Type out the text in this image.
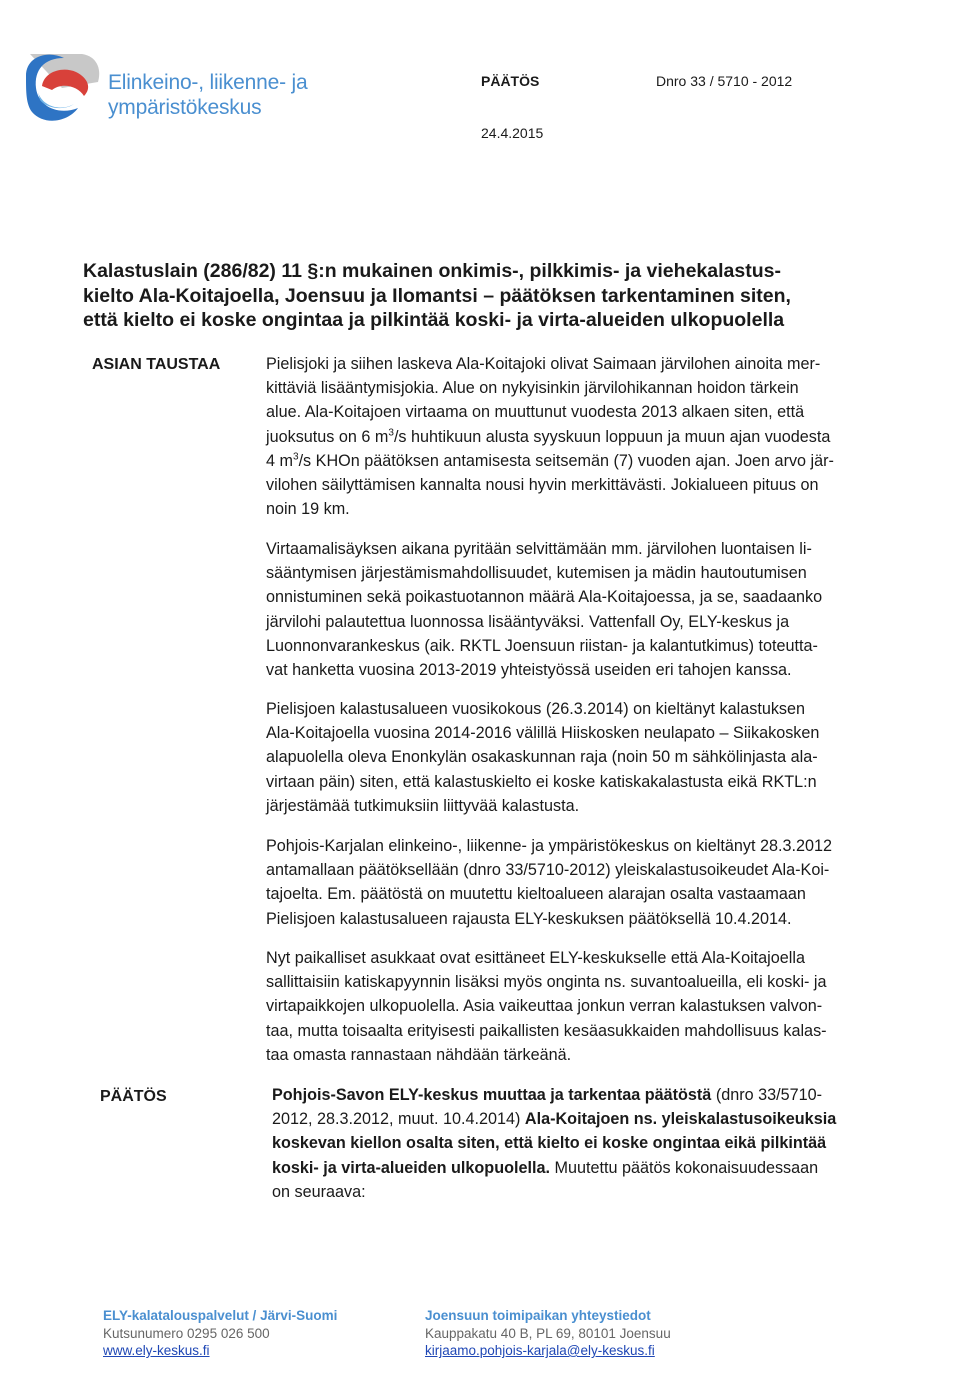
Elinkeino-, liikenne- ja
ympäristökeskus
PÄÄTÖS	Dnro 33 / 5710 - 2012
24.4.2015
Kalastuslain (286/82) 11 §:n mukainen onkimis-, pilkkimis- ja viehekalastus-
kielto Ala-Koitajoella, Joensuu ja Ilomantsi – päätöksen tarkentaminen siten,
että kielto ei koske ongintaa ja pilkintää koski- ja virta-alueiden ulkopuolella
ASIAN TAUSTAA	Pielisjoki ja siihen laskeva Ala-Koitajoki olivat Saimaan järvilohen ainoita mer-
kittäviä lisääntymisjokia. Alue on nykyisinkin järvilohikannan hoidon tärkein
alue. Ala-Koitajoen virtaama on muuttunut vuodesta 2013 alkaen siten, että
juoksutus on 6 $m^3/s$ huhtikuun alusta syyskuun loppuun ja muun ajan vuodesta
4 $m^3/s$ KHOn päätöksen antamisesta seitsemän (7) vuoden ajan. Joen arvo jär-
vilohen säilyttämisen kannalta nousi hyvin merkittävästi. Jokialueen pituus on
noin 19 km.
Virtaamalisäyksen aikana pyritään selvittämään mm. järvilohen luontaisen li-
sääntymisen järjestämismahdollisuudet, kutemisen ja mädin hautoutumisen
onnistuminen sekä poikastuotannon määrä Ala-Koitajoessa, ja se, saadaanko
järvilohi palautettua luonnossa lisääntyväksi. Vattenfall Oy, ELY-keskus ja
Luonnonvarankeskus (aik. RKTL Joensuun riistan- ja kalantutkimus) toteutta-
vat hanketta vuosina 2013-2019 yhteistyössä useiden eri tahojen kanssa.
Pielisjoen kalastusalueen vuosikokous (26.3.2014) on kieltänyt kalastuksen
Ala-Koitajoella vuosina 2014-2016 välillä Hiiskosken neulapato – Siikakosken
alapuolella oleva Enonkylän osakaskunnan raja (noin 50 m sähkölinjasta ala-
virtaan päin) siten, että kalastuskielto ei koske katiskakalastusta eikä RKTL:n
järjestämää tutkimuksiin liittyvää kalastusta.
Pohjois-Karjalan elinkeino-, liikenne- ja ympäristökeskus on kieltänyt 28.3.2012
antamallaan päätöksellään (dnro 33/5710-2012) yleiskalastusoikeudet Ala-Koi-
tajoelta. Em. päätöstä on muutettu kieltoalueen alarajan osalta vastaamaan
Pielisjoen kalastusalueen rajausta ELY-keskuksen päätöksellä 10.4.2014.
Nyt paikalliset asukkaat ovat esittäneet ELY-keskukselle että Ala-Koitajoella
sallittaisiin katiskapyynnin lisäksi myös onginta ns. suvantoalueilla, eli koski- ja
virtapaikkojen ulkopuolella. Asia vaikeuttaa jonkun verran kalastuksen valvon-
taa, mutta toisaalta erityisesti paikallisten kesäasukkaiden mahdollisuus kalas-
taa omasta rannastaan nähdään tärkeänä.
PÄÄTÖS	Pohjois-Savon ELY-keskus muuttaa ja tarkentaa päätöstä (dnro 33/5710-
2012, 28.3.2012, muut. 10.4.2014) Ala-Koitajoen ns. yleiskalastusoikeuksia
koskevan kiellon osalta siten, että kielto ei koske ongintaa eikä pilkintää
koski- ja virta-alueiden ulkopuolella. Muutettu päätös kokonaisuudessaan
on seuraava:
ELY-kalatalouspalvelut / Järvi-Suomi
Kutsunumero 0295 026 500
www.ely-keskus.fi
Joensuun toimipaikan yhteystiedot
Kauppakatu 40 B, PL 69, 80101 Joensuu
kirjaamo.pohjois-karjala@ely-keskus.fi
